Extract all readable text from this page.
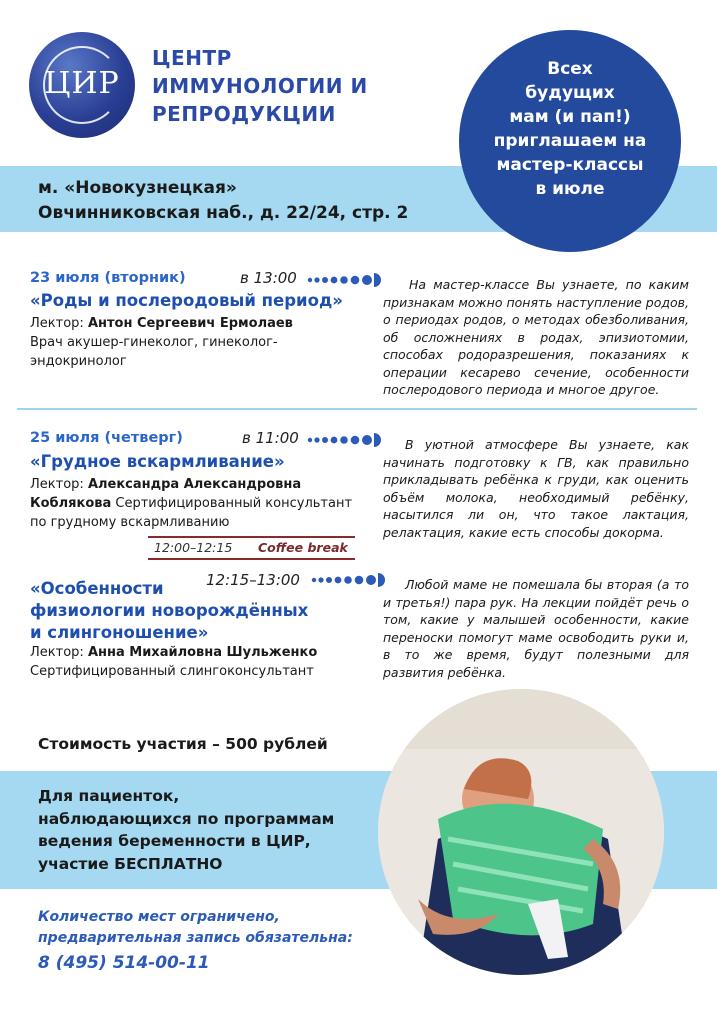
ЦИР
ЦЕНТР
ИММУНОЛОГИИ И
РЕПРОДУКЦИИ
м. «Новокузнецкая»
Овчинниковская наб., д. 22/24, стр. 2
Всех
будущих
мам (и пап!)
приглашаем на
мастер-классы
в июле
23 июля (вторник)	в 13:00
«Роды и послеродовый период»
Лектор: Антон Сергеевич Ермолаев
Врач акушер-гинеколог, гинеколог-эндокринолог
На мастер-классе Вы узнаете, по каким признакам можно понять наступление родов, о периодах родов, о методах обезболивания, об осложнениях в родах, эпизиотомии, способах родоразрешения, показаниях к операции кесарево сечение, особенности послеродового периода и многое другое.
25 июля (четверг)	в 11:00
«Грудное вскармливание»
Лектор: Александра Александровна Коблякова Сертифицированный консультант по грудному вскармливанию
В уютной атмосфере Вы узнаете, как начинать подготовку к ГВ, как правильно прикладывать ребёнка к груди, как оценить объём молока, необходимый ребёнку, насытился ли он, что такое лактация, релактация, какие есть способы докорма.
12:00–12:15 Coffee break
12:15–13:00
«Особенности
физиологии новорождённых
и слингоношение»
Лектор: Анна Михайловна Шульженко
Сертифицированный слингоконсультант
Любой маме не помешала бы вторая (а то и третья!) пара рук. На лекции пойдёт речь о том, какие у малышей особенности, какие переноски помогут маме освободить руки и, в то же время, будут полезными для развития ребёнка.
Стоимость участия – 500 рублей
Для пациенток,
наблюдающихся по программам
ведения беременности в ЦИР,
участие БЕСПЛАТНО
Количество мест ограничено,
предварительная запись обязательна:
8 (495) 514-00-11
